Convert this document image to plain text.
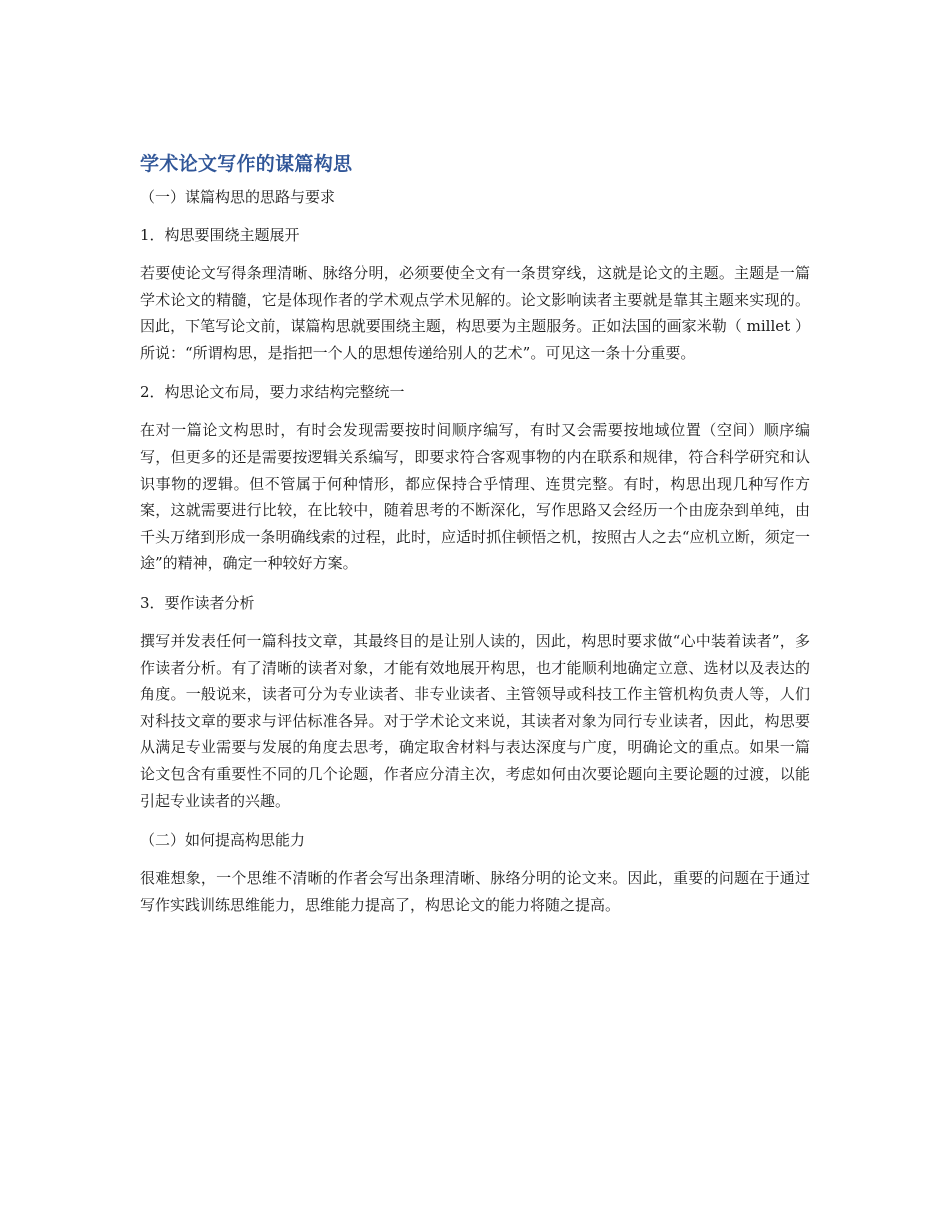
学术论文写作的谋篇构思

（一）谋篇构思的思路与要求

1．构思要围绕主题展开

若要使论文写得条理清晰、脉络分明，必须要使全文有一条贯穿线，这就是论文的主题。主题是一篇学术论文的精髓，它是体现作者的学术观点学术见解的。论文影响读者主要就是靠其主题来实现的。因此，下笔写论文前，谋篇构思就要围绕主题，构思要为主题服务。正如法国的画家米勒（ millet ）所说：“所谓构思，是指把一个人的思想传递给别人的艺术”。可见这一条十分重要。

2．构思论文布局，要力求结构完整统一

在对一篇论文构思时，有时会发现需要按时间顺序编写，有时又会需要按地域位置（空间）顺序编写，但更多的还是需要按逻辑关系编写，即要求符合客观事物的内在联系和规律，符合科学研究和认识事物的逻辑。但不管属于何种情形，都应保持合乎情理、连贯完整。有时，构思出现几种写作方案，这就需要进行比较，在比较中，随着思考的不断深化，写作思路又会经历一个由庞杂到单纯，由千头万绪到形成一条明确线索的过程，此时，应适时抓住顿悟之机，按照古人之去“应机立断，须定一途”的精神，确定一种较好方案。

3．要作读者分析

撰写并发表任何一篇科技文章，其最终目的是让别人读的，因此，构思时要求做“心中装着读者”，多作读者分析。有了清晰的读者对象，才能有效地展开构思，也才能顺利地确定立意、选材以及表达的角度。一般说来，读者可分为专业读者、非专业读者、主管领导或科技工作主管机构负责人等，人们对科技文章的要求与评估标准各异。对于学术论文来说，其读者对象为同行专业读者，因此，构思要从满足专业需要与发展的角度去思考，确定取舍材料与表达深度与广度，明确论文的重点。如果一篇论文包含有重要性不同的几个论题，作者应分清主次，考虑如何由次要论题向主要论题的过渡，以能引起专业读者的兴趣。

（二）如何提高构思能力

很难想象，一个思维不清晰的作者会写出条理清晰、脉络分明的论文来。因此，重要的问题在于通过写作实践训练思维能力，思维能力提高了，构思论文的能力将随之提高。
